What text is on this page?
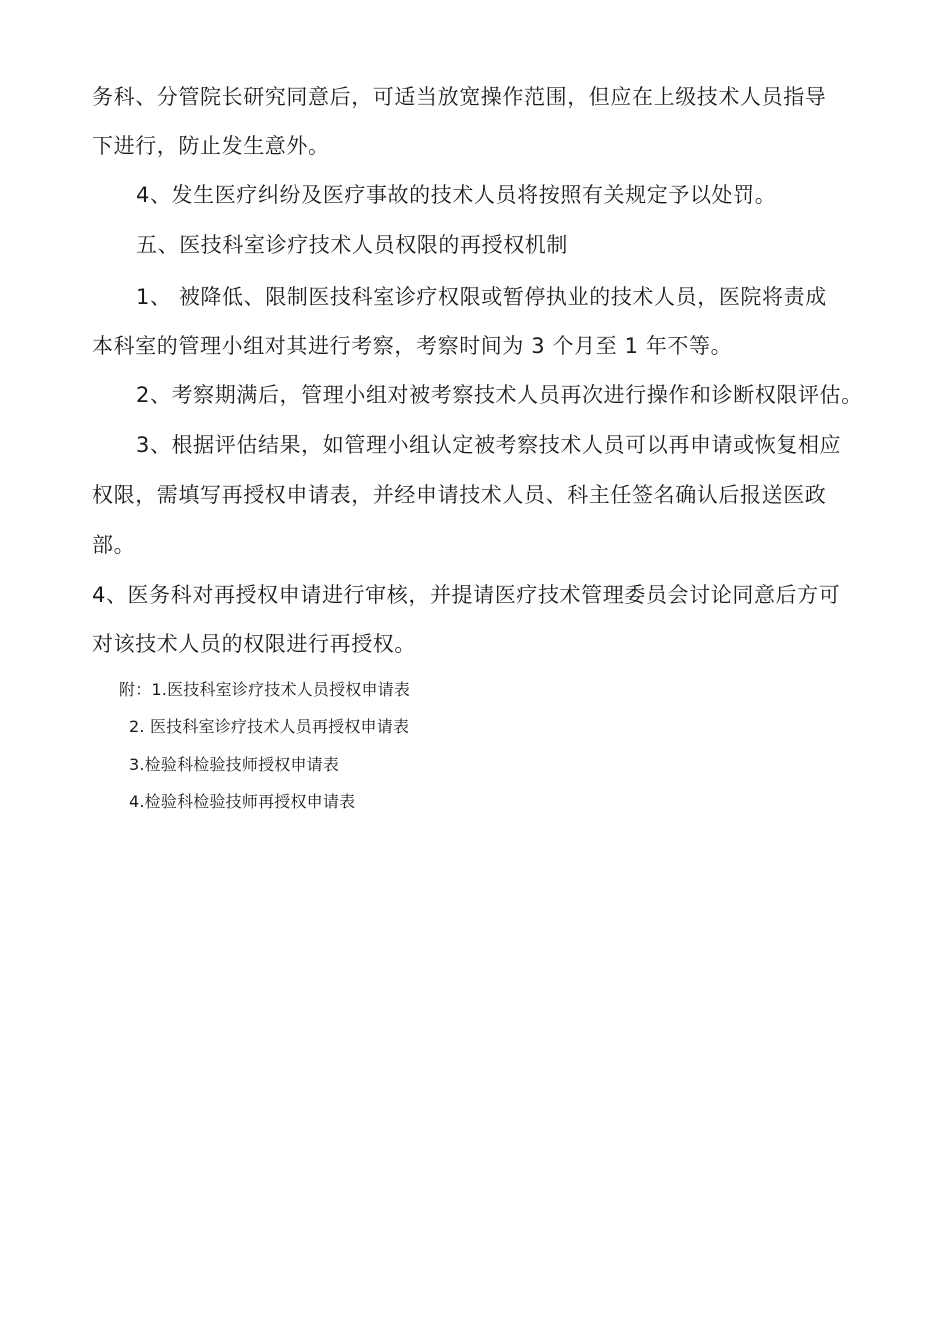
务科、分管院长研究同意后，可适当放宽操作范围，但应在上级技术人员指导
下进行，防止发生意外。
4、发生医疗纠纷及医疗事故的技术人员将按照有关规定予以处罚。
五、医技科室诊疗技术人员权限的再授权机制
1、 被降低、限制医技科室诊疗权限或暂停执业的技术人员，医院将责成
本科室的管理小组对其进行考察，考察时间为 3 个月至 1 年不等。
2、考察期满后，管理小组对被考察技术人员再次进行操作和诊断权限评估。
3、根据评估结果，如管理小组认定被考察技术人员可以再申请或恢复相应
权限，需填写再授权申请表，并经申请技术人员、科主任签名确认后报送医政
部。
4、医务科对再授权申请进行审核，并提请医疗技术管理委员会讨论同意后方可
对该技术人员的权限进行再授权。
附：1.医技科室诊疗技术人员授权申请表
2. 医技科室诊疗技术人员再授权申请表
3.检验科检验技师授权申请表
4.检验科检验技师再授权申请表
